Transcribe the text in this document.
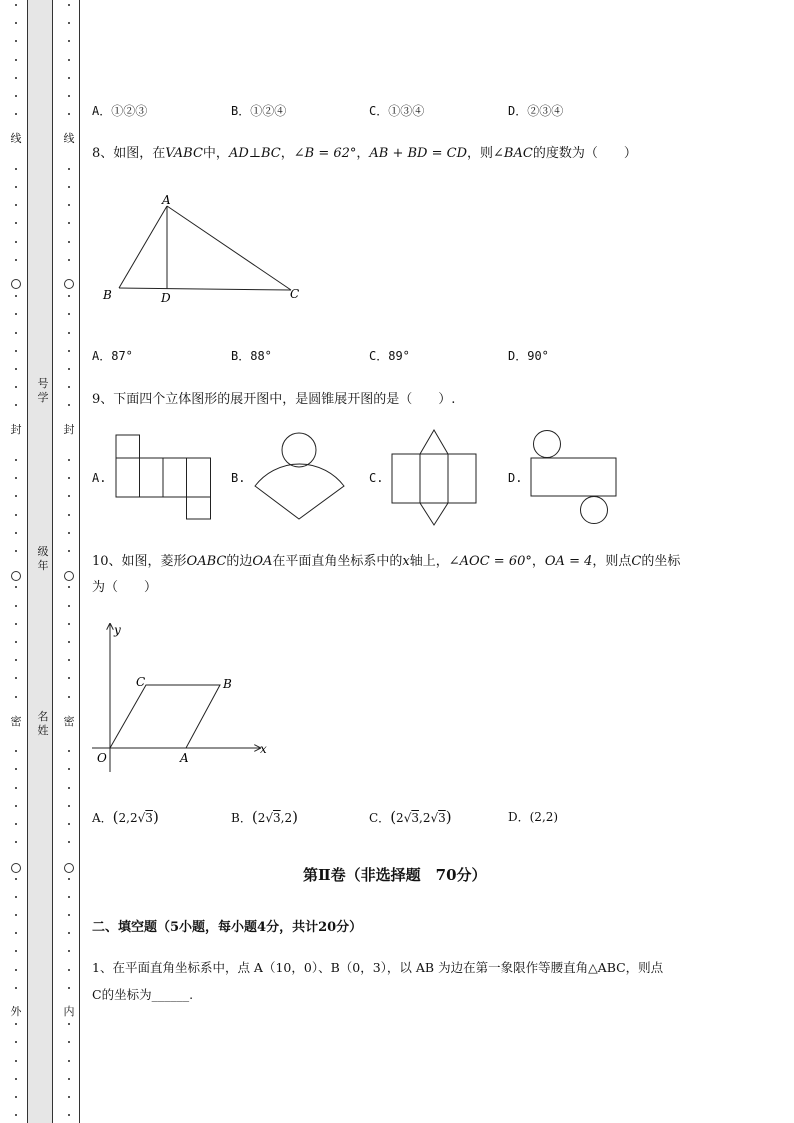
线
封
密
外
线
封
密
内
号学
级年
名姓
A．①②③	B．①②④	C．①③④	D．②③④
8、如图，在VABC中，AD⊥BC，∠B = 62°，AB + BD = CD，则∠BAC的度数为（　　）
A
B	D	C
A．87°	B．88°	C．89°	D．90°
9、下面四个立体图形的展开图中，是圆锥展开图的是（　　）.
A.	B.	C.	D.
10、如图，菱形OABC的边OA在平面直角坐标系中的x轴上，∠AOC = 60°，OA = 4，则点C的坐标
为（　　）
y
x
O	A
B
C
A．(2,2√3)	B．(2√3,2)	C．(2√3,2√3)	D．(2,2)
第Ⅱ卷（非选择题　70分）
二、填空题（5小题，每小题4分，共计20分）
1、在平面直角坐标系中，点 A（10，0）、B（0，3），以 AB 为边在第一象限作等腰直角△ABC，则点
C的坐标为______.
